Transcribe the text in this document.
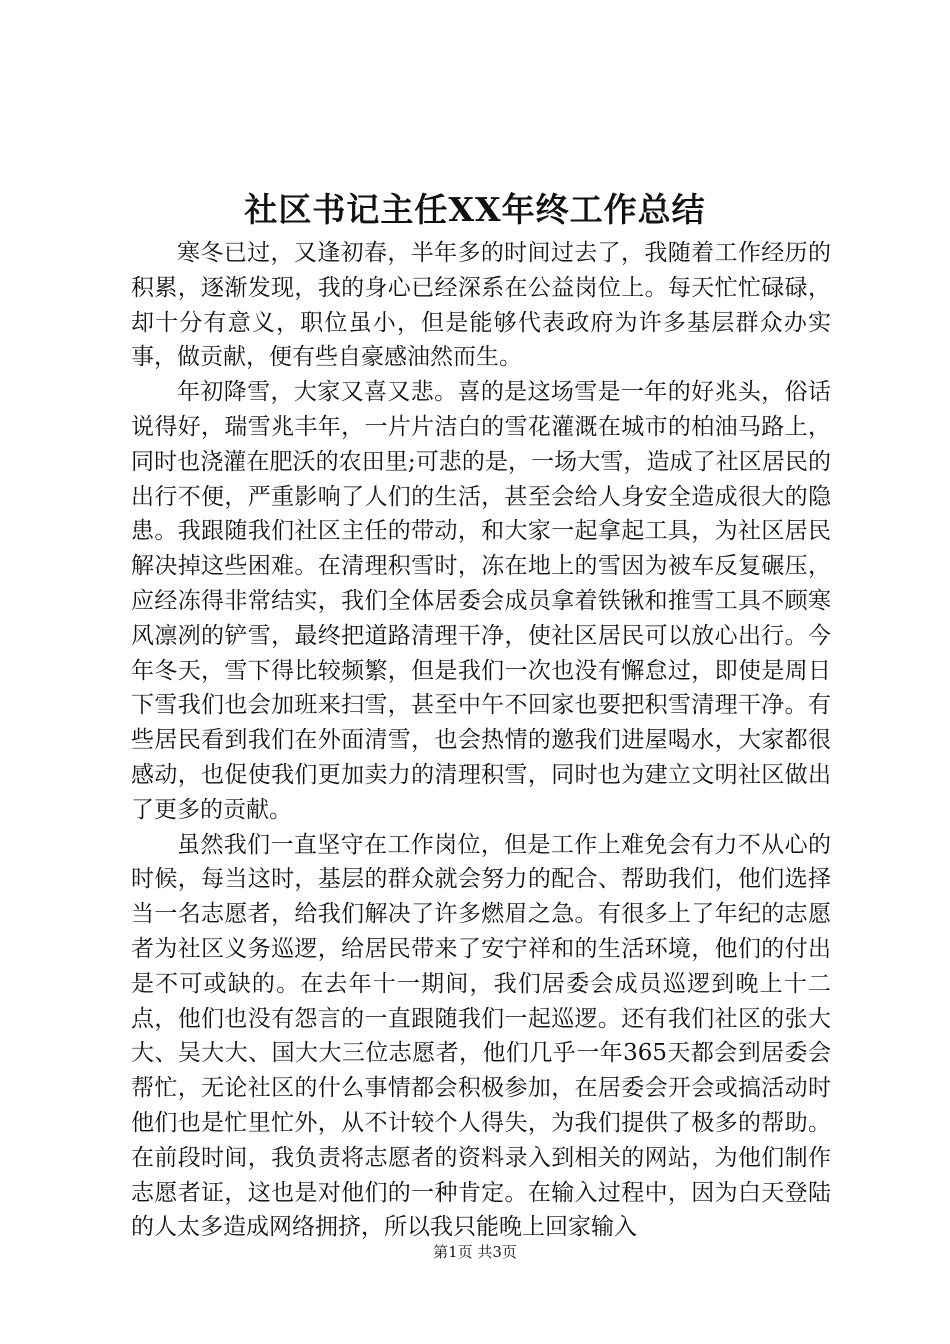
社区书记主任XX年终工作总结

寒冬已过，又逢初春，半年多的时间过去了，我随着工作经历的积累，逐渐发现，我的身心已经深系在公益岗位上。每天忙忙碌碌，却十分有意义，职位虽小，但是能够代表政府为许多基层群众办实事，做贡献，便有些自豪感油然而生。

年初降雪，大家又喜又悲。喜的是这场雪是一年的好兆头，俗话说得好，瑞雪兆丰年，一片片洁白的雪花灌溉在城市的柏油马路上，同时也浇灌在肥沃的农田里;可悲的是，一场大雪，造成了社区居民的出行不便，严重影响了人们的生活，甚至会给人身安全造成很大的隐患。我跟随我们社区主任的带动，和大家一起拿起工具，为社区居民解决掉这些困难。在清理积雪时，冻在地上的雪因为被车反复碾压，应经冻得非常结实，我们全体居委会成员拿着铁锹和推雪工具不顾寒风凛冽的铲雪，最终把道路清理干净，使社区居民可以放心出行。今年冬天，雪下得比较频繁，但是我们一次也没有懈怠过，即使是周日下雪我们也会加班来扫雪，甚至中午不回家也要把积雪清理干净。有些居民看到我们在外面清雪，也会热情的邀我们进屋喝水，大家都很感动，也促使我们更加卖力的清理积雪，同时也为建立文明社区做出了更多的贡献。

虽然我们一直坚守在工作岗位，但是工作上难免会有力不从心的时候，每当这时，基层的群众就会努力的配合、帮助我们，他们选择当一名志愿者，给我们解决了许多燃眉之急。有很多上了年纪的志愿者为社区义务巡逻，给居民带来了安宁祥和的生活环境，他们的付出是不可或缺的。在去年十一期间，我们居委会成员巡逻到晚上十二点，他们也没有怨言的一直跟随我们一起巡逻。还有我们社区的张大大、吴大大、国大大三位志愿者，他们几乎一年365天都会到居委会帮忙，无论社区的什么事情都会积极参加，在居委会开会或搞活动时他们也是忙里忙外，从不计较个人得失，为我们提供了极多的帮助。在前段时间，我负责将志愿者的资料录入到相关的网站，为他们制作志愿者证，这也是对他们的一种肯定。在输入过程中，因为白天登陆的人太多造成网络拥挤，所以我只能晚上回家输入

第1页 共3页
